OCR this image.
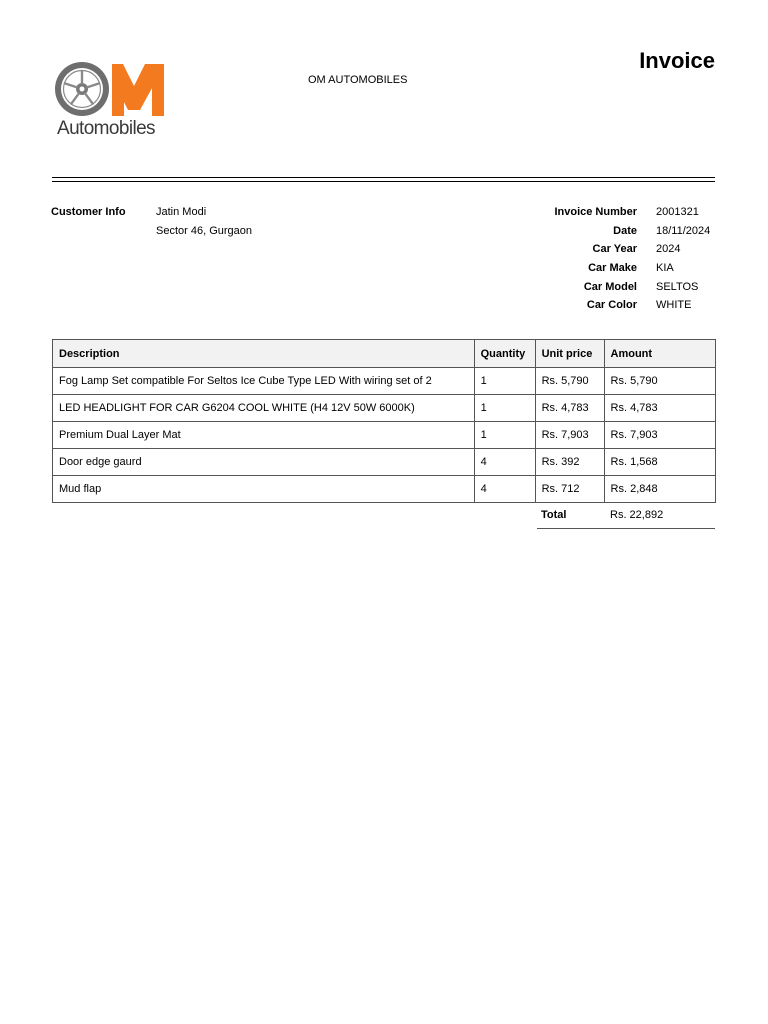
Automobiles
OM AUTOMOBILES
Invoice
Customer Info	Jatin Modi
Sector 46, Gurgaon
Invoice Number 2001321
Date 18/11/2024
Car Year 2024
Car Make KIA
Car Model SELTOS
Car Color WHITE
Description	Quantity	Unit price	Amount
Fog Lamp Set compatible For Seltos Ice Cube Type LED With wiring set of 2	1	Rs. 5,790	Rs. 5,790
LED HEADLIGHT FOR CAR G6204 COOL WHITE (H4 12V 50W 6000K)	1	Rs. 4,783	Rs. 4,783
Premium Dual Layer Mat	1	Rs. 7,903	Rs. 7,903
Door edge gaurd	4	Rs. 392	Rs. 1,568
Mud flap	4	Rs. 712	Rs. 2,848
Total	Rs. 22,892
